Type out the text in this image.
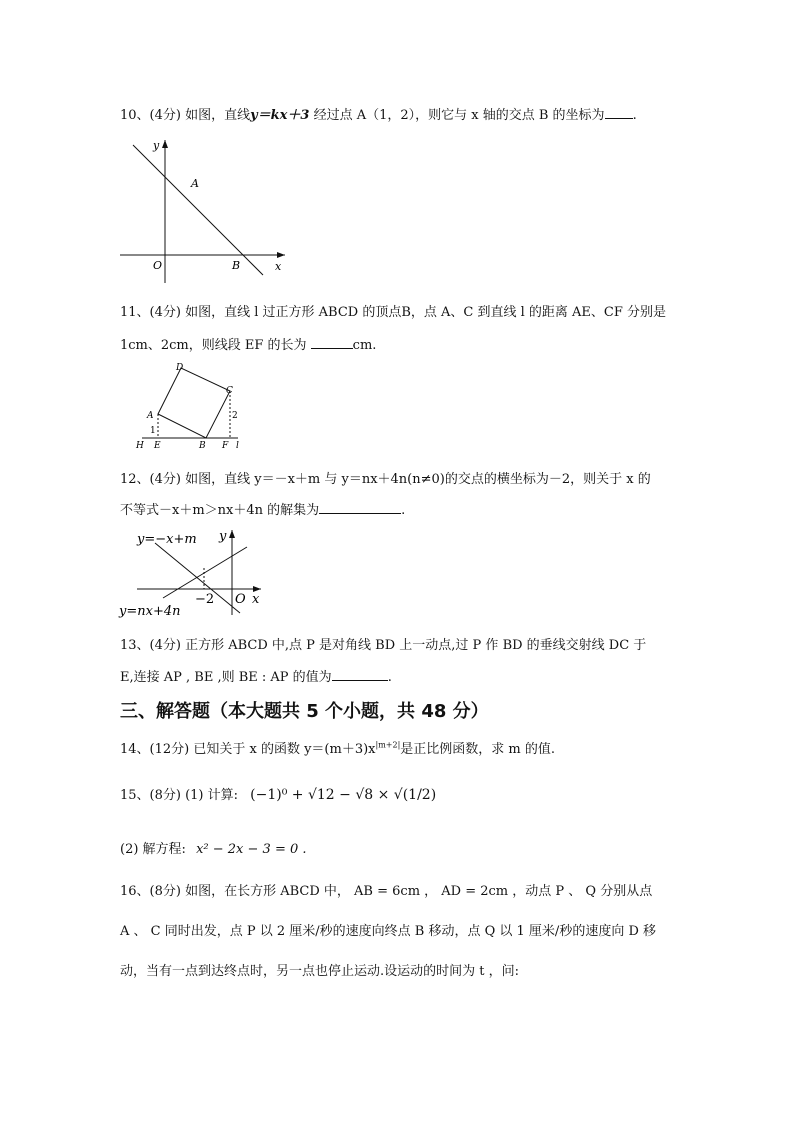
10、(4分) 如图，直线y＝kx＋3 经过点 A（1，2），则它与 x 轴的交点 B 的坐标为 .
y
x
O
A
B
11、(4分) 如图，直线 l 过正方形 ABCD 的顶点B，点 A、C 到直线 l 的距离 AE、CF 分别是
1cm、2cm，则线段 EF 的长为	cm.
D
C
A
B
H E	F l
1
2
12、(4分) 如图，直线 y＝－x＋m 与 y＝nx＋4n(n≠0)的交点的横坐标为－2，则关于 x 的
不等式－x＋m＞nx＋4n 的解集为	.
y=−x+m
y=nx+4n
y
x
O
−2
13、(4分) 正方形 ABCD 中,点 P 是对角线 BD 上一动点,过 P 作 BD 的垂线交射线 DC 于
E,连接 AP , BE ,则 BE : AP 的值为	.
三、解答题（本大题共 5 个小题，共 48 分）
14、(12分) 已知关于 x 的函数 $y=(m+3)x^{|m+2|}$是正比例函数，求 m 的值.
15、(8分) (1) 计算: (−1)⁰ + √12 − √8 × √(1/2)
(2) 解方程: x² − 2x − 3 = 0 .
16、(8分) 如图，在长方形 ABCD 中， AB = 6cm ， AD = 2cm ，动点 P 、 Q 分别从点
A 、 C 同时出发，点 P 以 2 厘米/秒的速度向终点 B 移动，点 Q 以 1 厘米/秒的速度向 D 移
动，当有一点到达终点时，另一点也停止运动.设运动的时间为 t ，问:
